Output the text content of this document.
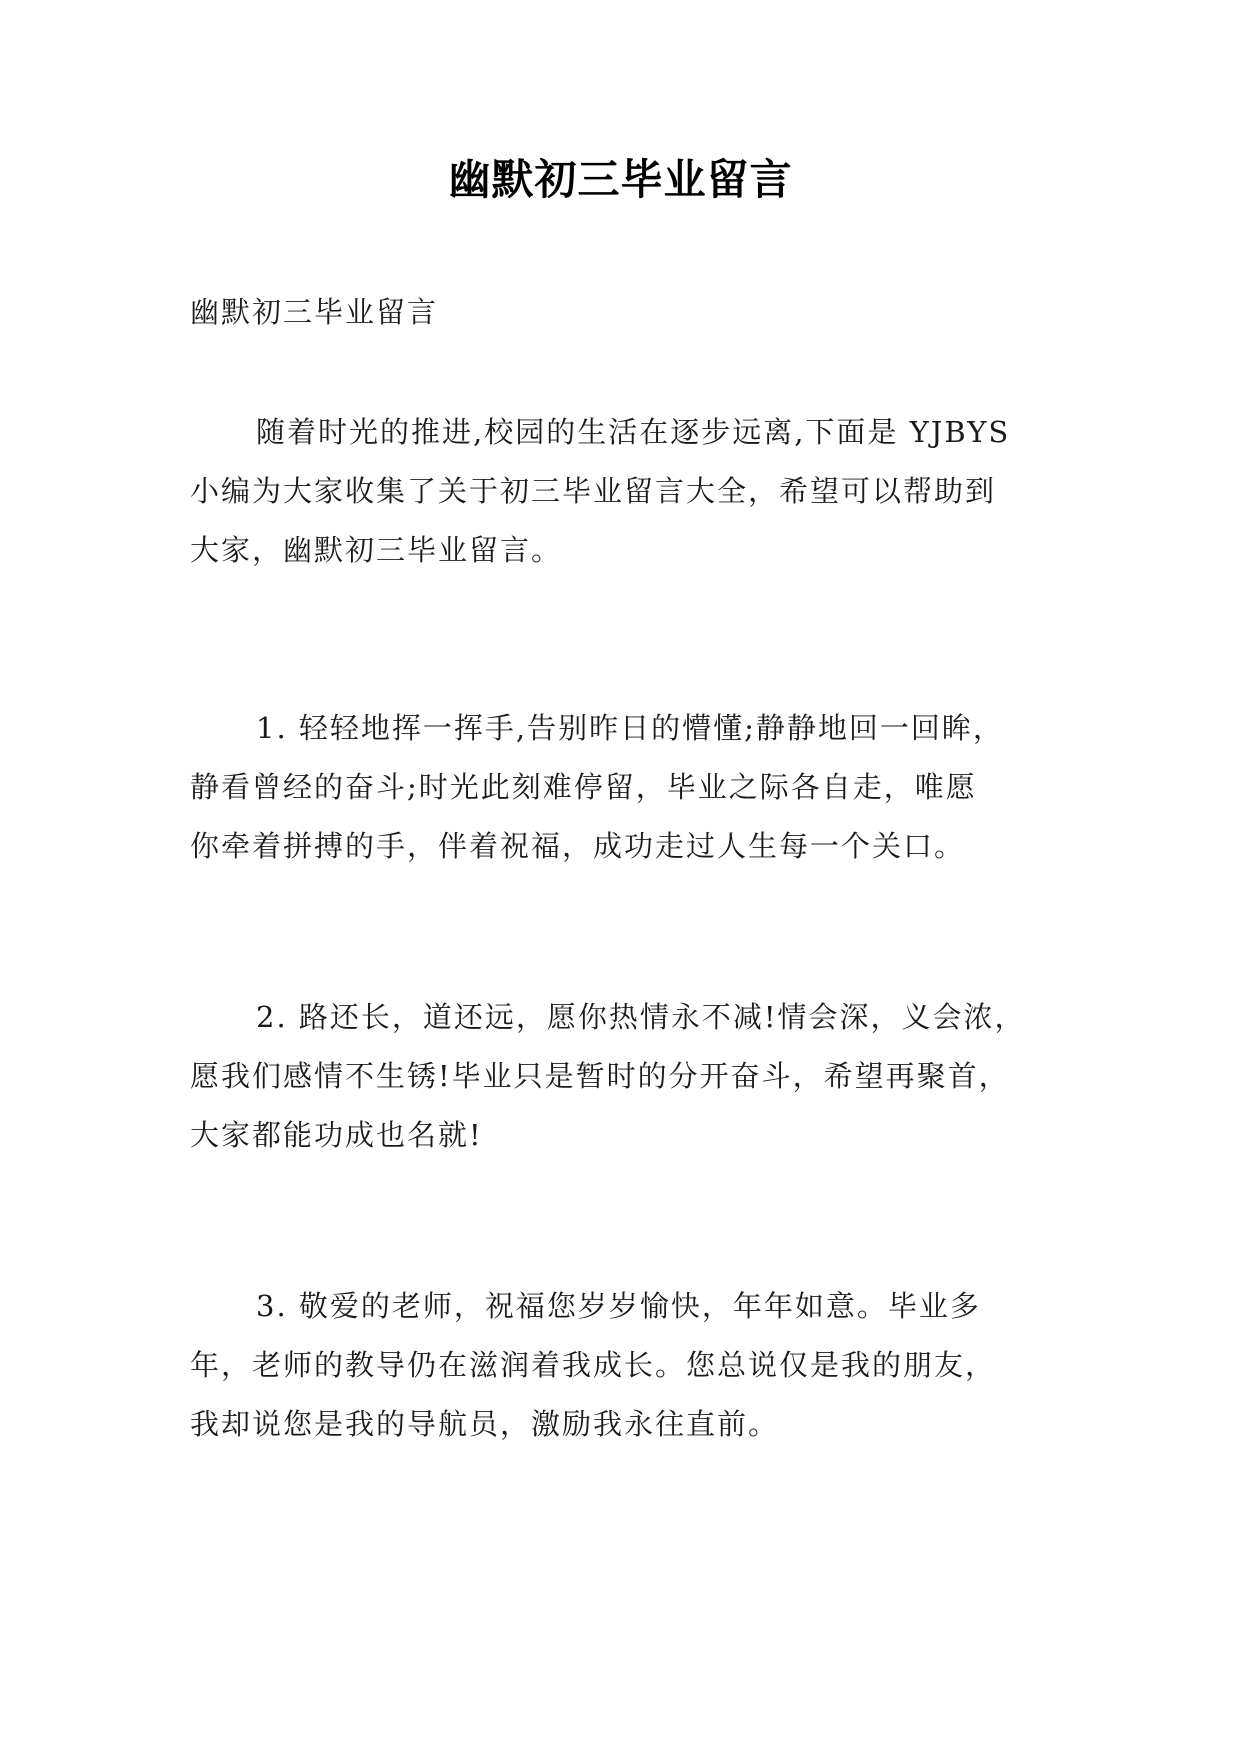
幽默初三毕业留言
幽默初三毕业留言
随着时光的推进,校园的生活在逐步远离,下面是 YJBYS
小编为大家收集了关于初三毕业留言大全，希望可以帮助到
大家，幽默初三毕业留言。
1. 轻轻地挥一挥手,告别昨日的懵懂;静静地回一回眸，
静看曾经的奋斗;时光此刻难停留，毕业之际各自走，唯愿
你牵着拼搏的手，伴着祝福，成功走过人生每一个关口。
2. 路还长，道还远，愿你热情永不减!情会深，义会浓，
愿我们感情不生锈!毕业只是暂时的分开奋斗，希望再聚首，
大家都能功成也名就!
3. 敬爱的老师，祝福您岁岁愉快，年年如意。毕业多
年，老师的教导仍在滋润着我成长。您总说仅是我的朋友，
我却说您是我的导航员，激励我永往直前。
